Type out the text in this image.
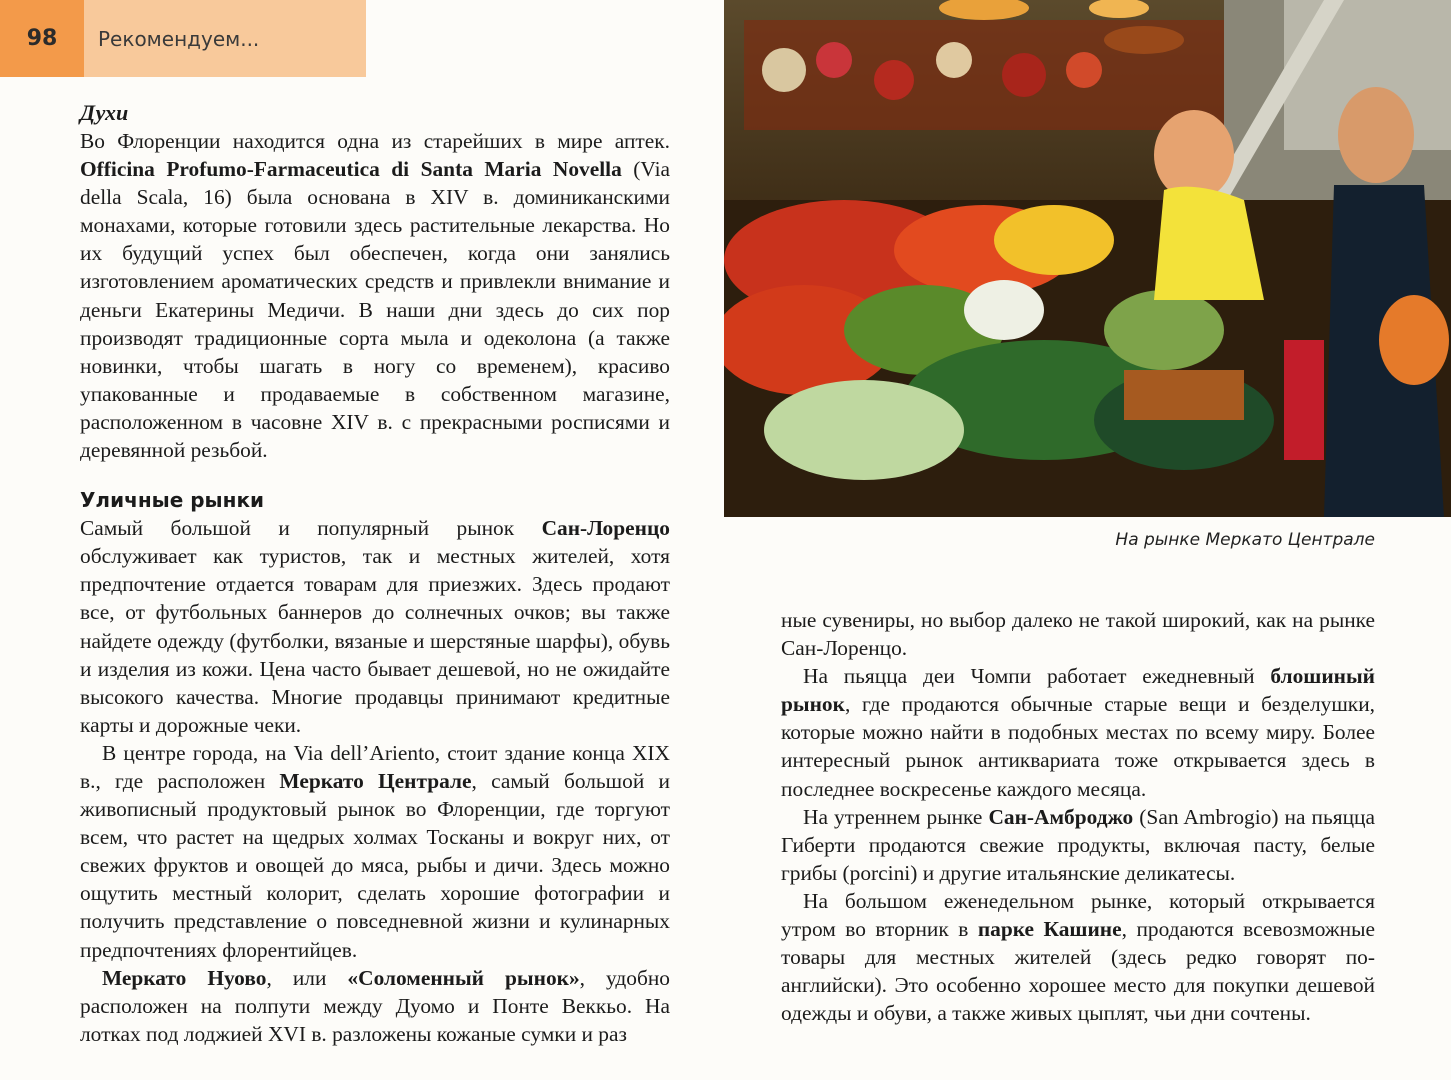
98	Рекомендуем...
Духи

Во Флоренции находится одна из старейших в мире аптек. Officina Profumo-Farmaceutica di Santa Maria Novella (Via della Scala, 16) была основана в XIV в. доминиканскими монахами, которые готовили здесь растительные лекарства. Но их будущий успех был обеспечен, когда они занялись изготовлением ароматических средств и привлекли внимание и деньги Екатерины Медичи. В наши дни здесь до сих пор производят традиционные сорта мыла и одеколона (а также новинки, чтобы шагать в ногу со временем), красиво упакованные и продаваемые в собственном магазине, расположенном в часовне XIV в. с прекрасными росписями и деревянной резьбой.

Уличные рынки

Самый большой и популярный рынок Сан-Лоренцо обслуживает как туристов, так и местных жителей, хотя предпочтение отдается товарам для приезжих. Здесь продают все, от футбольных баннеров до солнечных очков; вы также найдете одежду (футболки, вязаные и шерстяные шарфы), обувь и изделия из кожи. Цена часто бывает дешевой, но не ожидайте высокого качества. Многие продавцы принимают кредитные карты и дорожные чеки.

В центре города, на Via dell’Ariento, стоит здание конца XIX в., где расположен Меркато Централе, самый большой и живописный продуктовый рынок во Флоренции, где торгуют всем, что растет на щедрых холмах Тосканы и вокруг них, от свежих фруктов и овощей до мяса, рыбы и дичи. Здесь можно ощутить местный колорит, сделать хорошие фотографии и получить представление о повседневной жизни и кулинарных предпочтениях флорентийцев.

Меркато Нуово, или «Соломенный рынок», удобно расположен на полпути между Дуомо и Понте Веккьо. На лотках под лоджией XVI в. разложены кожаные сумки и раз

На рынке Меркато Централе

ные сувениры, но выбор далеко не такой широкий, как на рынке Сан-Лоренцо.

На пьяцца деи Чомпи работает ежедневный блошиный рынок, где продаются обычные старые вещи и безделушки, которые можно найти в подобных местах по всему миру. Более интересный рынок антиквариата тоже открывается здесь в последнее воскресенье каждого месяца.

На утреннем рынке Сан-Амброджо (San Ambrogio) на пьяцца Гиберти продаются свежие продукты, включая пасту, белые грибы (porcini) и другие итальянские деликатесы.

На большом еженедельном рынке, который открывается утром во вторник в парке Кашине, продаются всевозможные товары для местных жителей (здесь редко говорят по-английски). Это особенно хорошее место для покупки дешевой одежды и обуви, а также живых цыплят, чьи дни сочтены.
